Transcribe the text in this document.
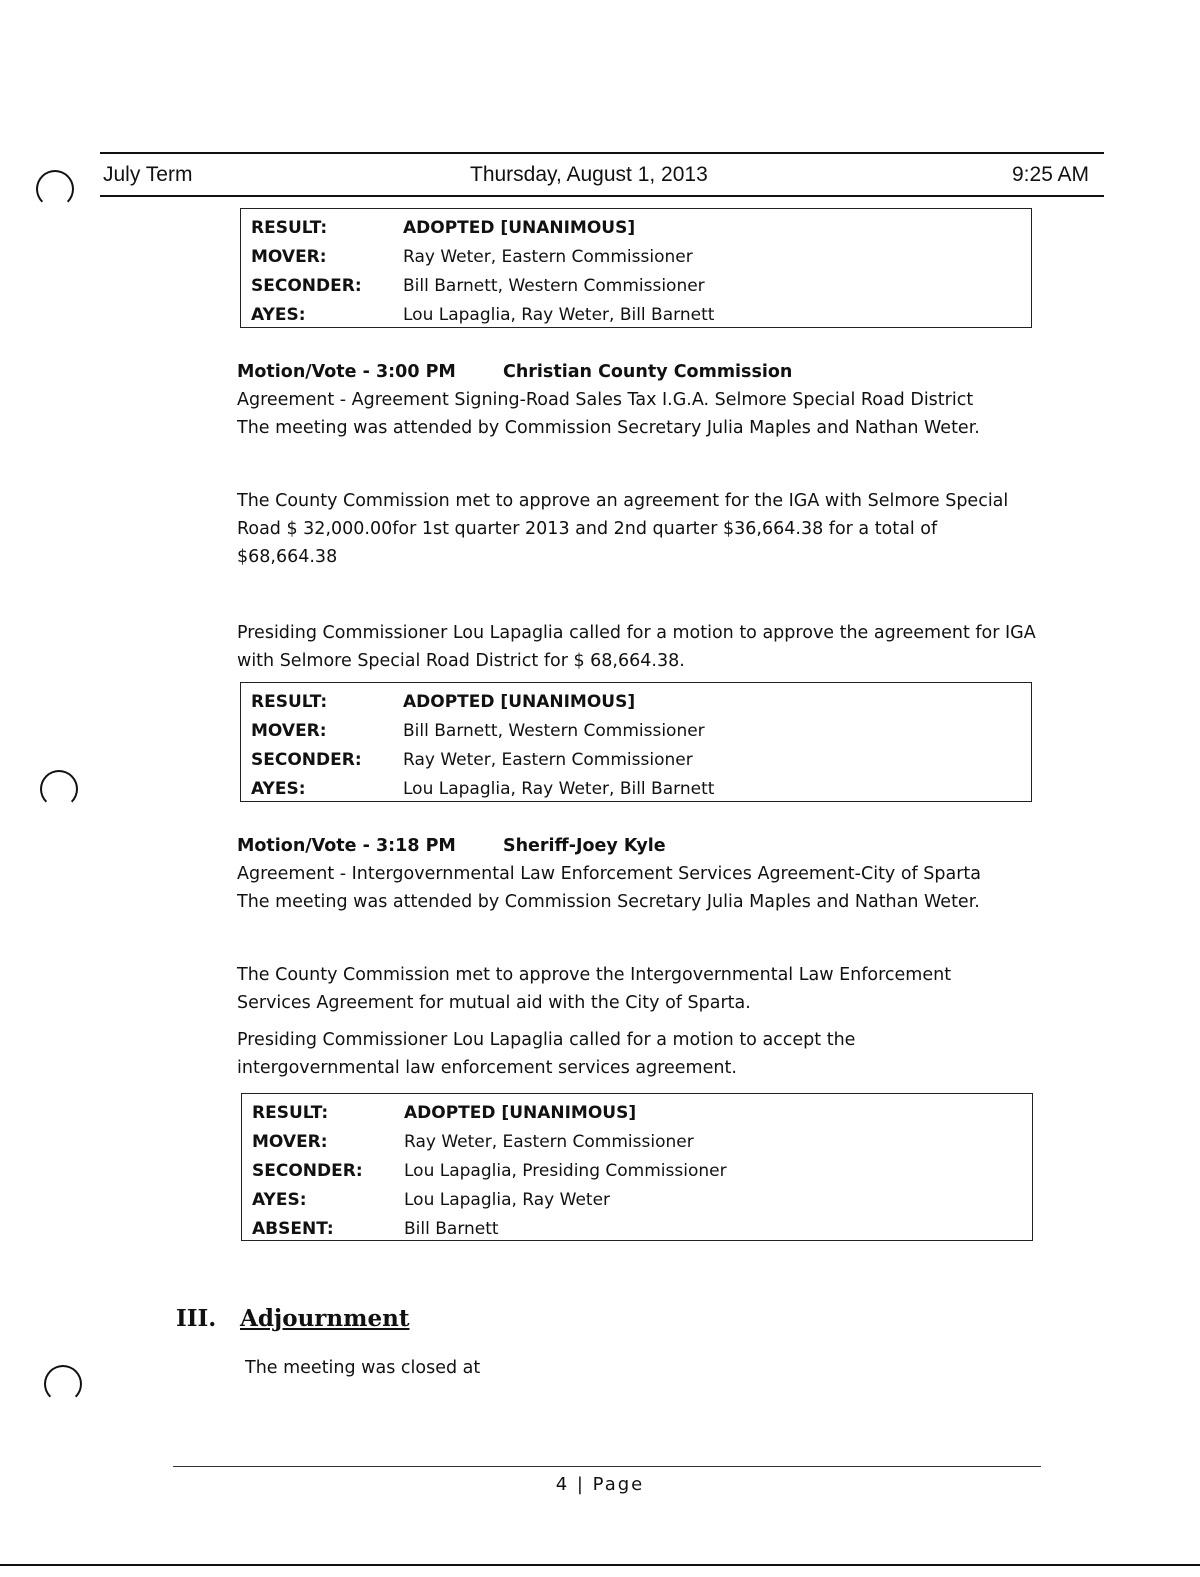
July Term	Thursday, August 1, 2013	9:25 AM
RESULT:	ADOPTED [UNANIMOUS]
MOVER:	Ray Weter, Eastern Commissioner
SECONDER:	Bill Barnett, Western Commissioner
AYES:	Lou Lapaglia, Ray Weter, Bill Barnett
Motion/Vote - 3:00 PM	Christian County Commission
Agreement - Agreement Signing-Road Sales Tax I.G.A. Selmore Special Road District
The meeting was attended by Commission Secretary Julia Maples and Nathan Weter.
The County Commission met to approve an agreement for the IGA with Selmore Special Road $ 32,000.00for 1st quarter 2013 and 2nd quarter $36,664.38 for a total of $68,664.38
Presiding Commissioner Lou Lapaglia called for a motion to approve the agreement for IGA with Selmore Special Road District for $ 68,664.38.
RESULT:	ADOPTED [UNANIMOUS]
MOVER:	Bill Barnett, Western Commissioner
SECONDER:	Ray Weter, Eastern Commissioner
AYES:	Lou Lapaglia, Ray Weter, Bill Barnett
Motion/Vote - 3:18 PM	Sheriff-Joey Kyle
Agreement - Intergovernmental Law Enforcement Services Agreement-City of Sparta
The meeting was attended by Commission Secretary Julia Maples and Nathan Weter.
The County Commission met to approve the Intergovernmental Law Enforcement Services Agreement for mutual aid with the City of Sparta.
Presiding Commissioner Lou Lapaglia called for a motion to accept the intergovernmental law enforcement services agreement.
RESULT:	ADOPTED [UNANIMOUS]
MOVER:	Ray Weter, Eastern Commissioner
SECONDER:	Lou Lapaglia, Presiding Commissioner
AYES:	Lou Lapaglia, Ray Weter
ABSENT:	Bill Barnett
III. Adjournment
The meeting was closed at
4 | Page
